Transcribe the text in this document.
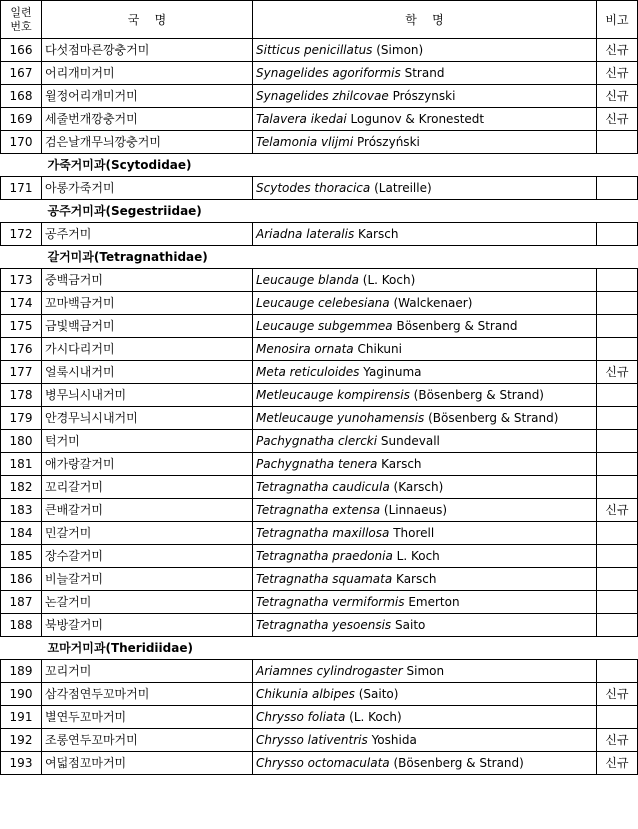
일련
번호	국    명	학    명	비고
166	다섯점마른깡충거미	Sitticus penicillatus (Simon)	신규
167	어리개미거미	Synagelides agoriformis Strand	신규
168	윌정어리개미거미	Synagelides zhilcovae Prószynski	신규
169	세줄번개깡충거미	Talavera ikedai Logunov & Kronestedt	신규
170	검은날개무늬깡충거미	Telamonia vlijmi Prószyński	
가죽거미과(Scytodidae)			
171	아롱가죽거미	Scytodes thoracica (Latreille)	
공주거미과(Segestriidae)			
172	공주거미	Ariadna lateralis Karsch	
갈거미과(Tetragnathidae)			
173	중백금거미	Leucauge blanda (L. Koch)	
174	꼬마백금거미	Leucauge celebesiana (Walckenaer)	
175	금빛백금거미	Leucauge subgemmea Bösenberg & Strand	
176	가시다리거미	Menosira ornata Chikuni	
177	얼룩시내거미	Meta reticuloides Yaginuma	신규
178	병무늬시내거미	Metleucauge kompirensis (Bösenberg & Strand)	
179	안경무늬시내거미	Metleucauge yunohamensis (Bösenberg & Strand)	
180	턱거미	Pachygnatha clercki Sundevall	
181	애가랑갈거미	Pachygnatha tenera Karsch	
182	꼬리갈거미	Tetragnatha caudicula (Karsch)	
183	큰배갈거미	Tetragnatha extensa (Linnaeus)	신규
184	민갈거미	Tetragnatha maxillosa Thorell	
185	장수갈거미	Tetragnatha praedonia L. Koch	
186	비늘갈거미	Tetragnatha squamata Karsch	
187	논갈거미	Tetragnatha vermiformis Emerton	
188	북방갈거미	Tetragnatha yesoensis Saito	
꼬마거미과(Theridiidae)			
189	꼬리거미	Ariamnes cylindrogaster Simon	
190	삼각점연두꼬마거미	Chikunia albipes (Saito)	신규
191	별연두꼬마거미	Chrysso foliata (L. Koch)	
192	조롱연두꼬마거미	Chrysso lativentris Yoshida	신규
193	여덟점꼬마거미	Chrysso octomaculata (Bösenberg & Strand)	신규
